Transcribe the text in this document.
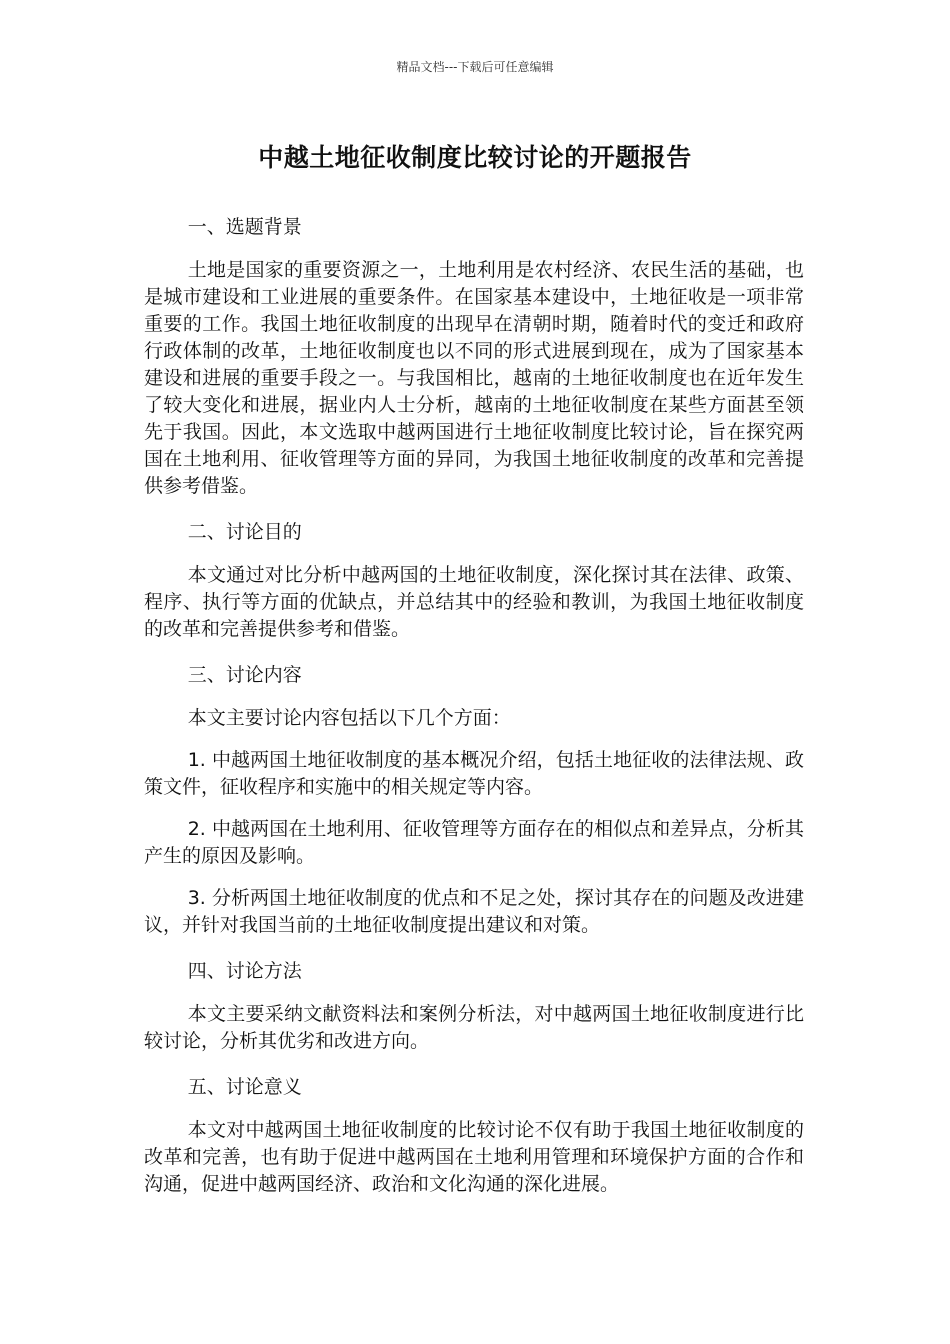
精品文档---下载后可任意编辑
中越土地征收制度比较讨论的开题报告
一、选题背景

土地是国家的重要资源之一，土地利用是农村经济、农民生活的基础，也是城市建设和工业进展的重要条件。在国家基本建设中，土地征收是一项非常重要的工作。我国土地征收制度的出现早在清朝时期，随着时代的变迁和政府行政体制的改革，土地征收制度也以不同的形式进展到现在，成为了国家基本建设和进展的重要手段之一。与我国相比，越南的土地征收制度也在近年发生了较大变化和进展，据业内人士分析，越南的土地征收制度在某些方面甚至领先于我国。因此，本文选取中越两国进行土地征收制度比较讨论，旨在探究两国在土地利用、征收管理等方面的异同，为我国土地征收制度的改革和完善提供参考借鉴。

二、讨论目的

本文通过对比分析中越两国的土地征收制度，深化探讨其在法律、政策、程序、执行等方面的优缺点，并总结其中的经验和教训，为我国土地征收制度的改革和完善提供参考和借鉴。

三、讨论内容

本文主要讨论内容包括以下几个方面：

1. 中越两国土地征收制度的基本概况介绍，包括土地征收的法律法规、政策文件，征收程序和实施中的相关规定等内容。

2. 中越两国在土地利用、征收管理等方面存在的相似点和差异点，分析其产生的原因及影响。

3. 分析两国土地征收制度的优点和不足之处，探讨其存在的问题及改进建议，并针对我国当前的土地征收制度提出建议和对策。

四、讨论方法

本文主要采纳文献资料法和案例分析法，对中越两国土地征收制度进行比较讨论，分析其优劣和改进方向。

五、讨论意义

本文对中越两国土地征收制度的比较讨论不仅有助于我国土地征收制度的改革和完善，也有助于促进中越两国在土地利用管理和环境保护方面的合作和沟通，促进中越两国经济、政治和文化沟通的深化进展。
